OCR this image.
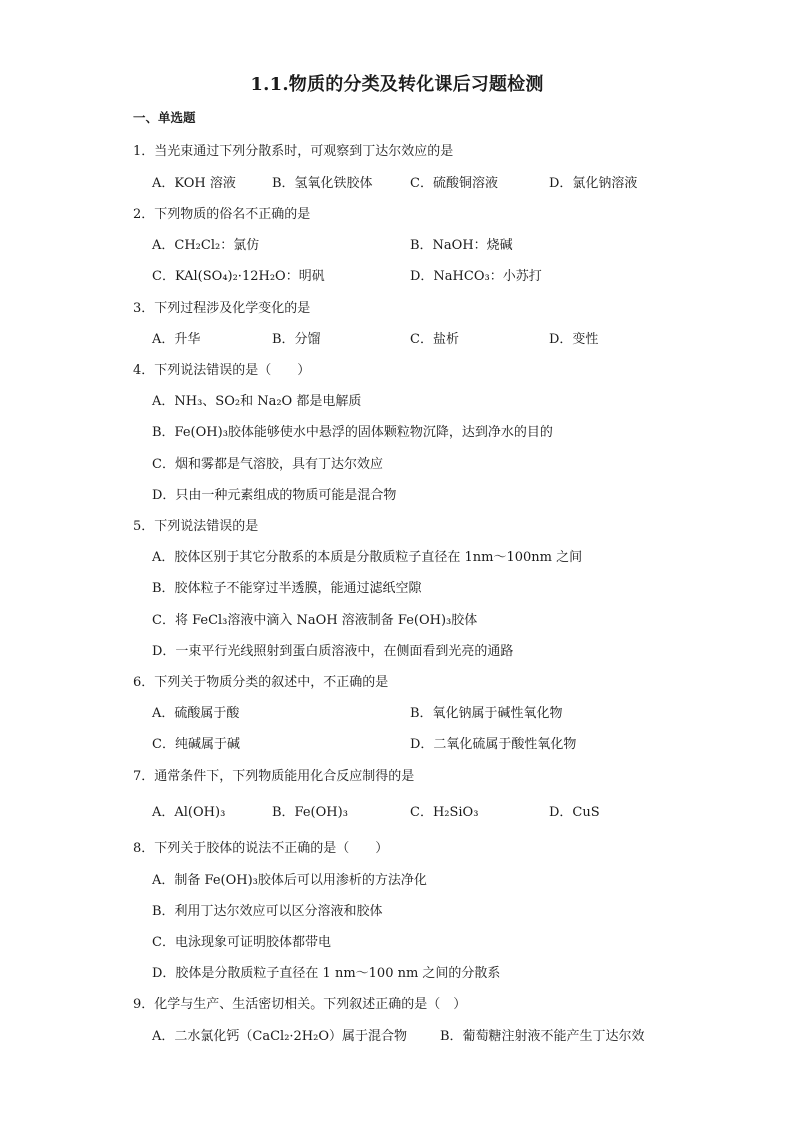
1.1.物质的分类及转化课后习题检测
一、单选题
1．当光束通过下列分散系时，可观察到丁达尔效应的是
A．KOH 溶液	B．氢氧化铁胶体	C．硫酸铜溶液	D．氯化钠溶液
2．下列物质的俗名不正确的是
A．CH₂Cl₂：氯仿	B．NaOH：烧碱
C．KAl(SO₄)₂·12H₂O：明矾	D．NaHCO₃：小苏打
3．下列过程涉及化学变化的是
A．升华	B．分馏	C．盐析	D．变性
4．下列说法错误的是（　　）
A．NH₃、SO₂和 Na₂O 都是电解质
B．Fe(OH)₃胶体能够使水中悬浮的固体颗粒物沉降，达到净水的目的
C．烟和雾都是气溶胶，具有丁达尔效应
D．只由一种元素组成的物质可能是混合物
5．下列说法错误的是
A．胶体区别于其它分散系的本质是分散质粒子直径在 1nm～100nm 之间
B．胶体粒子不能穿过半透膜，能通过滤纸空隙
C．将 FeCl₃溶液中滴入 NaOH 溶液制备 Fe(OH)₃胶体
D．一束平行光线照射到蛋白质溶液中，在侧面看到光亮的通路
6．下列关于物质分类的叙述中，不正确的是
A．硫酸属于酸	B．氧化钠属于碱性氧化物
C．纯碱属于碱	D．二氧化硫属于酸性氧化物
7．通常条件下，下列物质能用化合反应制得的是
A．Al(OH)₃	B．Fe(OH)₃	C．H₂SiO₃	D．CuS
8．下列关于胶体的说法不正确的是（　　）
A．制备 Fe(OH)₃胶体后可以用渗析的方法净化
B．利用丁达尔效应可以区分溶液和胶体
C．电泳现象可证明胶体都带电
D．胶体是分散质粒子直径在 1 nm～100 nm 之间的分散系
9．化学与生产、生活密切相关。下列叙述正确的是（　）
A．二水氯化钙（CaCl₂·2H₂O）属于混合物	B．葡萄糖注射液不能产生丁达尔效
